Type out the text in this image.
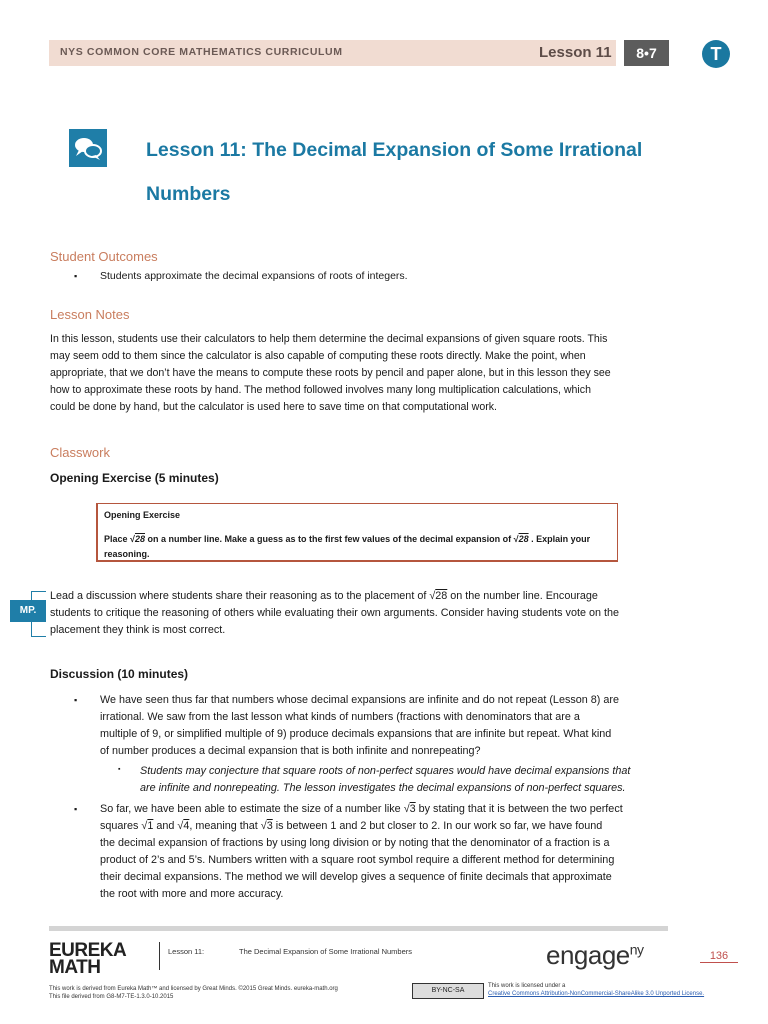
NYS COMMON CORE MATHEMATICS CURRICULUM	Lesson 11	8•7	T
Lesson 11: The Decimal Expansion of Some Irrational
Numbers
Student Outcomes
▪ Students approximate the decimal expansions of roots of integers.
Lesson Notes
In this lesson, students use their calculators to help them determine the decimal expansions of given square roots. This
may seem odd to them since the calculator is also capable of computing these roots directly. Make the point, when
appropriate, that we don’t have the means to compute these roots by pencil and paper alone, but in this lesson they see
how to approximate these roots by hand. The method followed involves many long multiplication calculations, which
could be done by hand, but the calculator is used here to save time on that computational work.
Classwork
Opening Exercise (5 minutes)
Opening Exercise
Place √28 on a number line. Make a guess as to the first few values of the decimal expansion of √28 . Explain your
reasoning.
MP.
Lead a discussion where students share their reasoning as to the placement of √28 on the number line. Encourage
students to critique the reasoning of others while evaluating their own arguments. Consider having students vote on the
placement they think is most correct.
Discussion (10 minutes)
▪ We have seen thus far that numbers whose decimal expansions are infinite and do not repeat (Lesson 8) are
irrational. We saw from the last lesson what kinds of numbers (fractions with denominators that are a
multiple of 9, or simplified multiple of 9) produce decimals expansions that are infinite but repeat. What kind
of number produces a decimal expansion that is both infinite and nonrepeating?
▪ Students may conjecture that square roots of non-perfect squares would have decimal expansions that
are infinite and nonrepeating. The lesson investigates the decimal expansions of non-perfect squares.
▪ So far, we have been able to estimate the size of a number like √3 by stating that it is between the two perfect
squares √1 and √4, meaning that √3 is between 1 and 2 but closer to 2. In our work so far, we have found
the decimal expansion of fractions by using long division or by noting that the denominator of a fraction is a
product of 2’s and 5’s. Numbers written with a square root symbol require a different method for determining
their decimal expansions. The method we will develop gives a sequence of finite decimals that approximate
the root with more and more accuracy.
EUREKA
MATH
Lesson 11:	The Decimal Expansion of Some Irrational Numbers	engage$^{ny}$	136
This work is derived from Eureka Math™ and licensed by Great Minds. ©2015 Great Minds. eureka-math.org
This file derived from G8-M7-TE-1.3.0-10.2015
BY-NC-SA
This work is licensed under a
Creative Commons Attribution-NonCommercial-ShareAlike 3.0 Unported License.
